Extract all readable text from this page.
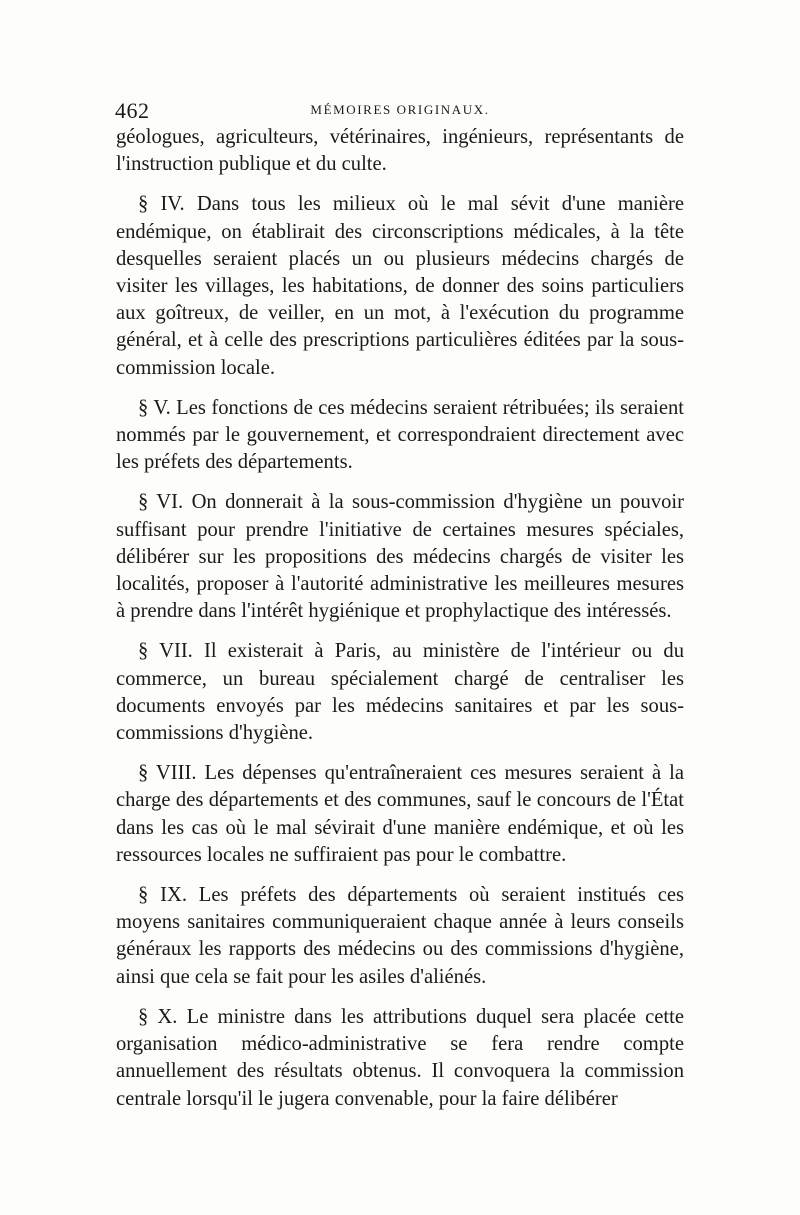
462	MÉMOIRES ORIGINAUX.

géologues, agriculteurs, vétérinaires, ingénieurs, représentants de l'instruction publique et du culte.

§ IV. Dans tous les milieux où le mal sévit d'une manière endémique, on établirait des circonscriptions médicales, à la tête desquelles seraient placés un ou plusieurs médecins chargés de visiter les villages, les habitations, de donner des soins particuliers aux goîtreux, de veiller, en un mot, à l'exécution du programme général, et à celle des prescriptions particulières éditées par la sous-commission locale.

§ V. Les fonctions de ces médecins seraient rétribuées; ils seraient nommés par le gouvernement, et correspondraient directement avec les préfets des départements.

§ VI. On donnerait à la sous-commission d'hygiène un pouvoir suffisant pour prendre l'initiative de certaines mesures spéciales, délibérer sur les propositions des médecins chargés de visiter les localités, proposer à l'autorité administrative les meilleures mesures à prendre dans l'intérêt hygiénique et prophylactique des intéressés.

§ VII. Il existerait à Paris, au ministère de l'intérieur ou du commerce, un bureau spécialement chargé de centraliser les documents envoyés par les médecins sanitaires et par les sous-commissions d'hygiène.

§ VIII. Les dépenses qu'entraîneraient ces mesures seraient à la charge des départements et des communes, sauf le concours de l'État dans les cas où le mal sévirait d'une manière endémique, et où les ressources locales ne suffiraient pas pour le combattre.

§ IX. Les préfets des départements où seraient institués ces moyens sanitaires communiqueraient chaque année à leurs conseils généraux les rapports des médecins ou des commissions d'hygiène, ainsi que cela se fait pour les asiles d'aliénés.

§ X. Le ministre dans les attributions duquel sera placée cette organisation médico-administrative se fera rendre compte annuellement des résultats obtenus. Il convoquera la commission centrale lorsqu'il le jugera convenable, pour la faire délibérer
